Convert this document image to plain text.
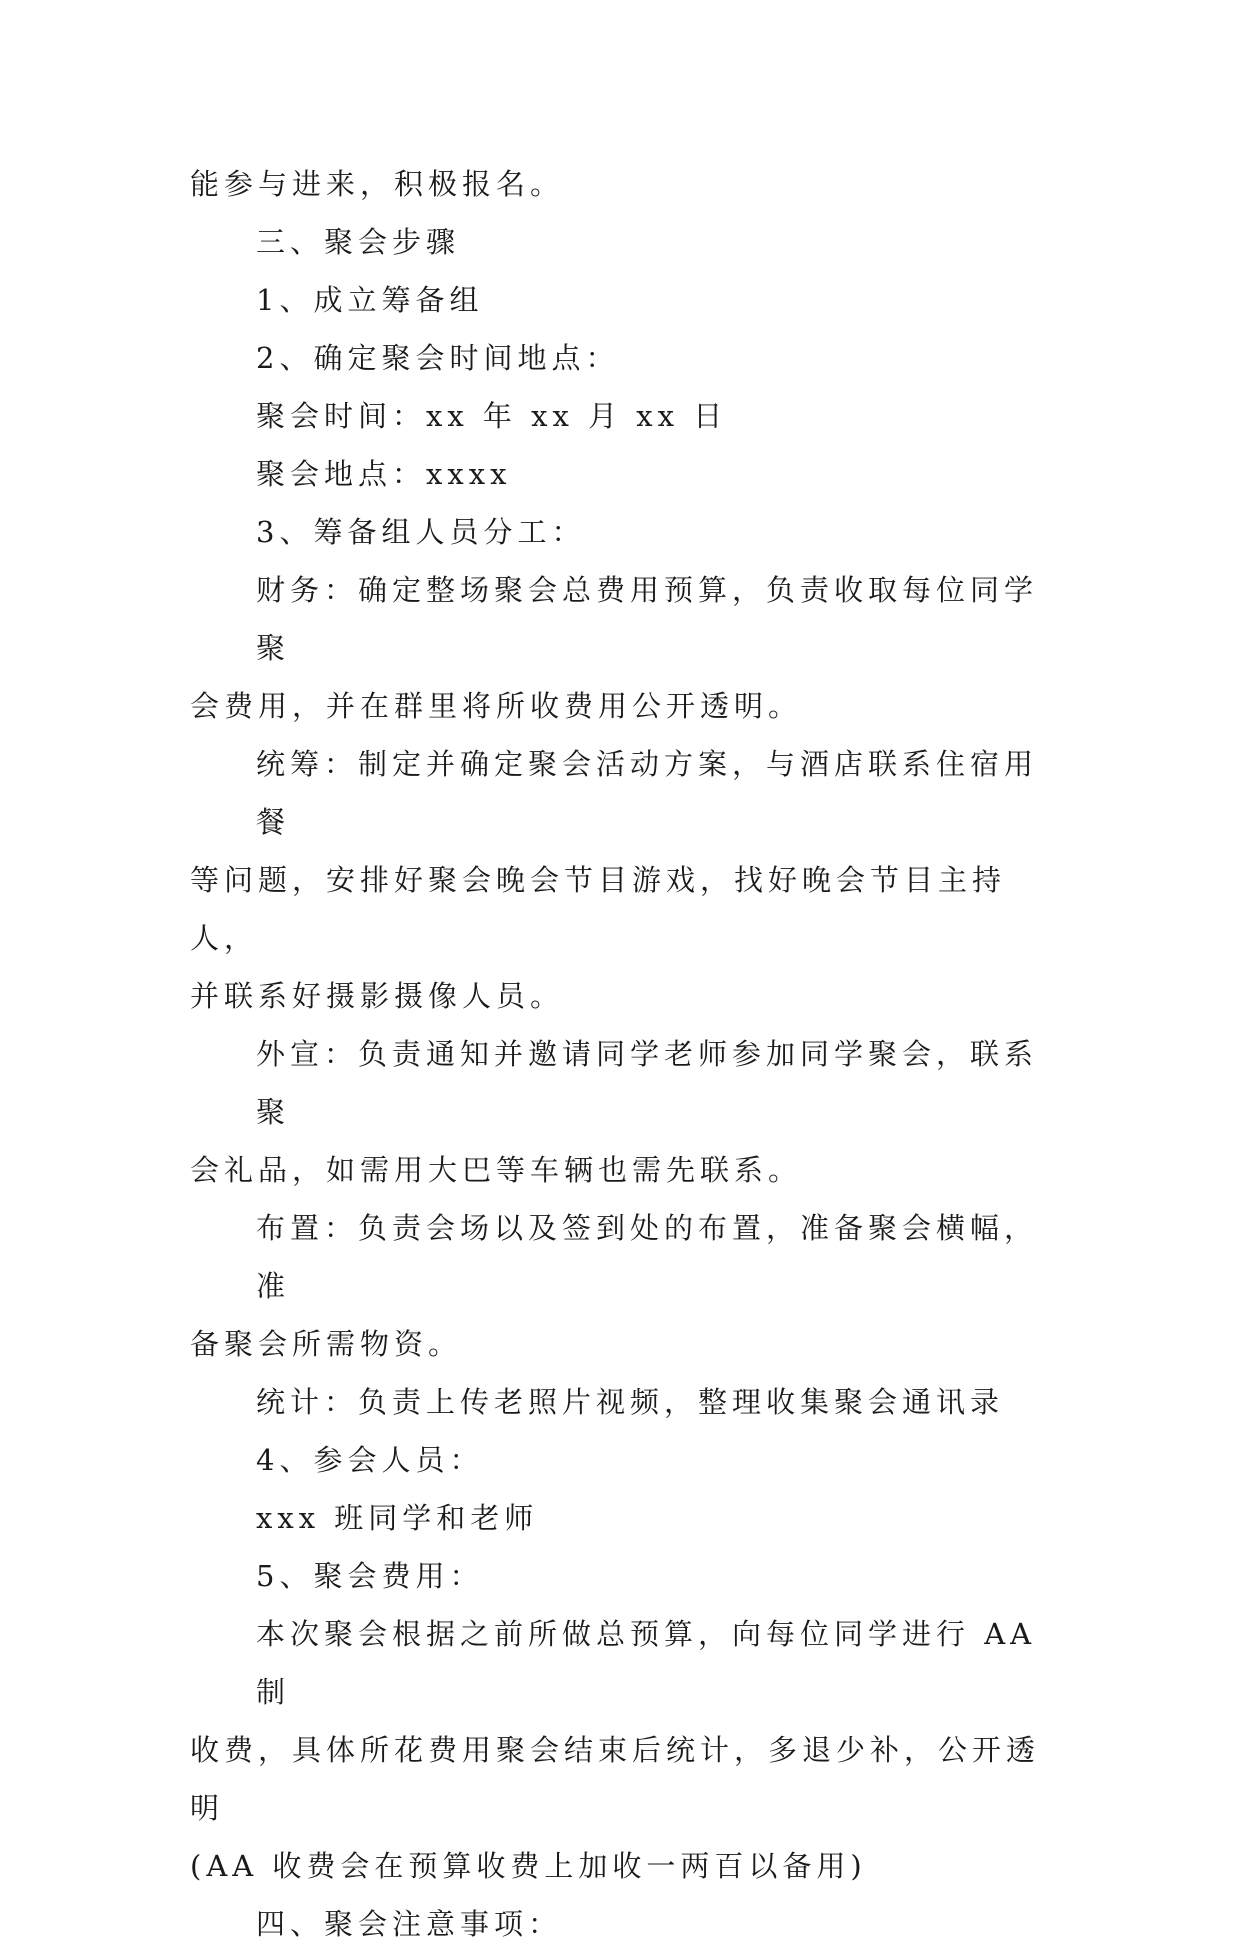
能参与进来，积极报名。

三、聚会步骤

1、成立筹备组

2、确定聚会时间地点：

聚会时间：xx 年 xx 月 xx 日

聚会地点：xxxx

3、筹备组人员分工：

财务：确定整场聚会总费用预算，负责收取每位同学聚
会费用，并在群里将所收费用公开透明。

统筹：制定并确定聚会活动方案，与酒店联系住宿用餐
等问题，安排好聚会晚会节目游戏，找好晚会节目主持人，
并联系好摄影摄像人员。

外宣：负责通知并邀请同学老师参加同学聚会，联系聚
会礼品，如需用大巴等车辆也需先联系。

布置：负责会场以及签到处的布置，准备聚会横幅，准
备聚会所需物资。

统计：负责上传老照片视频，整理收集聚会通讯录

4、参会人员：

xxx 班同学和老师

5、聚会费用：

本次聚会根据之前所做总预算，向每位同学进行 AA 制
收费，具体所花费用聚会结束后统计，多退少补，公开透明
(AA 收费会在预算收费上加收一两百以备用)

四、聚会注意事项：
